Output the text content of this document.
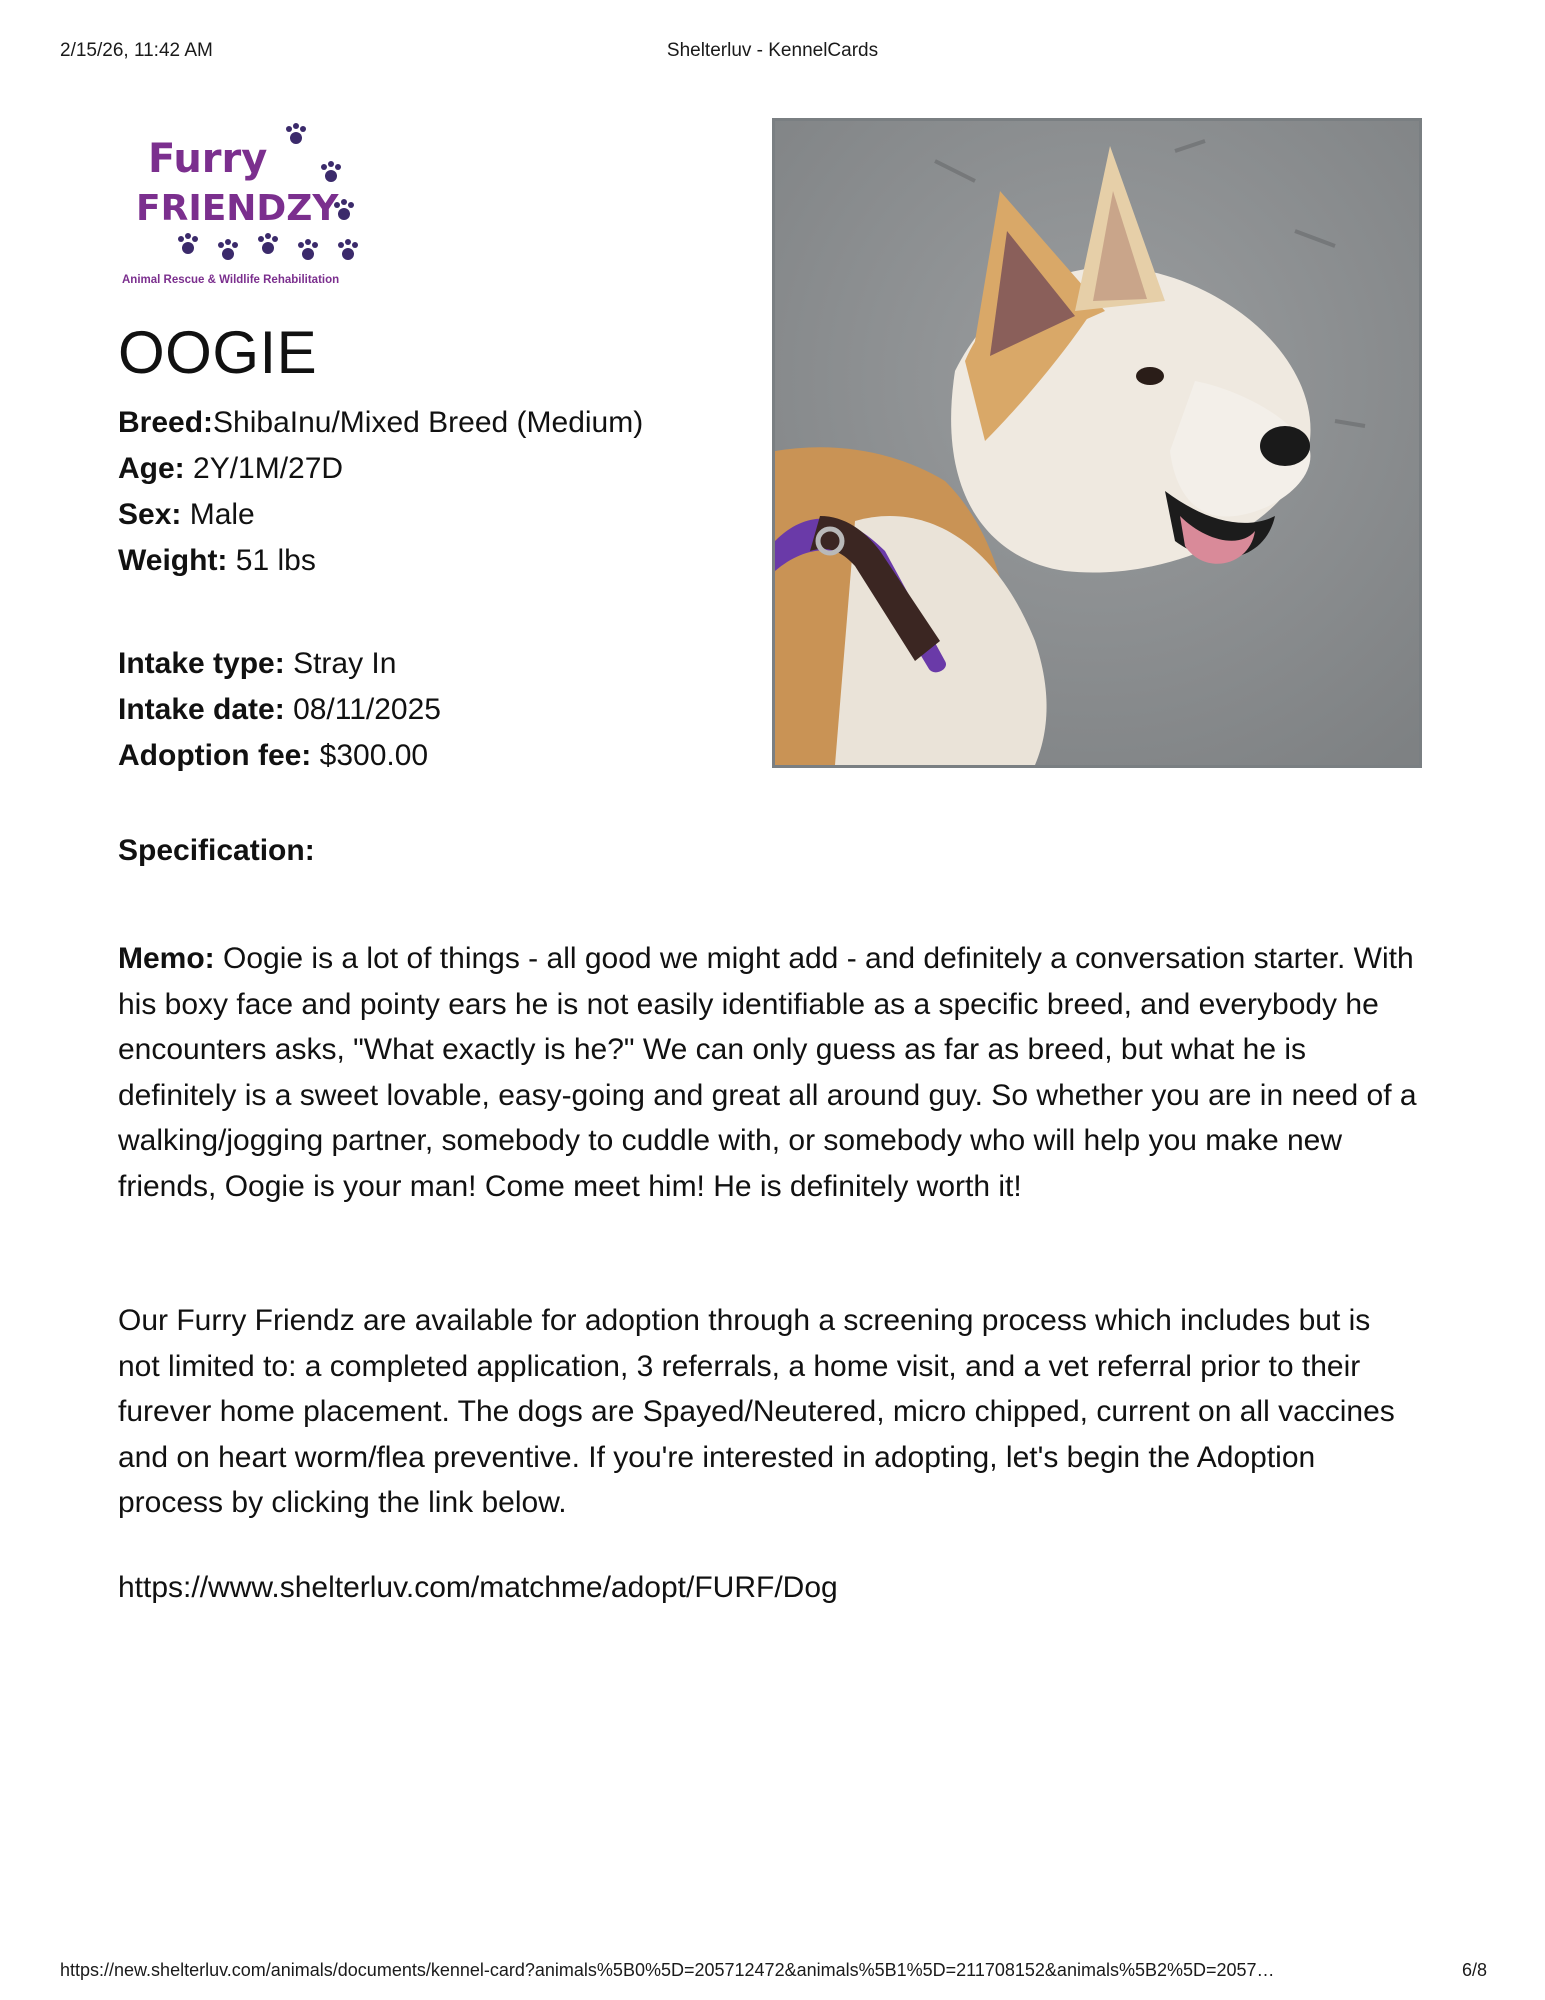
2/15/26, 11:42 AM	Shelterluv - KennelCards
Furry
FRIENDZY
Animal Rescue & Wildlife Rehabilitation
OOGIE
Breed:ShibaInu/Mixed Breed (Medium)
Age: 2Y/1M/27D
Sex: Male
Weight: 51 lbs
Intake type: Stray In
Intake date: 08/11/2025
Adoption fee: $300.00
Specification:
Memo: Oogie is a lot of things - all good we might add - and definitely a conversation starter. With his boxy face and pointy ears he is not easily identifiable as a specific breed, and everybody he encounters asks, "What exactly is he?" We can only guess as far as breed, but what he is definitely is a sweet lovable, easy-going and great all around guy. So whether you are in need of a walking/jogging partner, somebody to cuddle with, or somebody who will help you make new friends, Oogie is your man! Come meet him! He is definitely worth it!
Our Furry Friendz are available for adoption through a screening process which includes but is not limited to: a completed application, 3 referrals, a home visit, and a vet referral prior to their furever home placement. The dogs are Spayed/Neutered, micro chipped, current on all vaccines and on heart worm/flea preventive. If you're interested in adopting, let's begin the Adoption process by clicking the link below.
https://www.shelterluv.com/matchme/adopt/FURF/Dog
https://new.shelterluv.com/animals/documents/kennel-card?animals%5B0%5D=205712472&animals%5B1%5D=211708152&animals%5B2%5D=2057…	6/8
